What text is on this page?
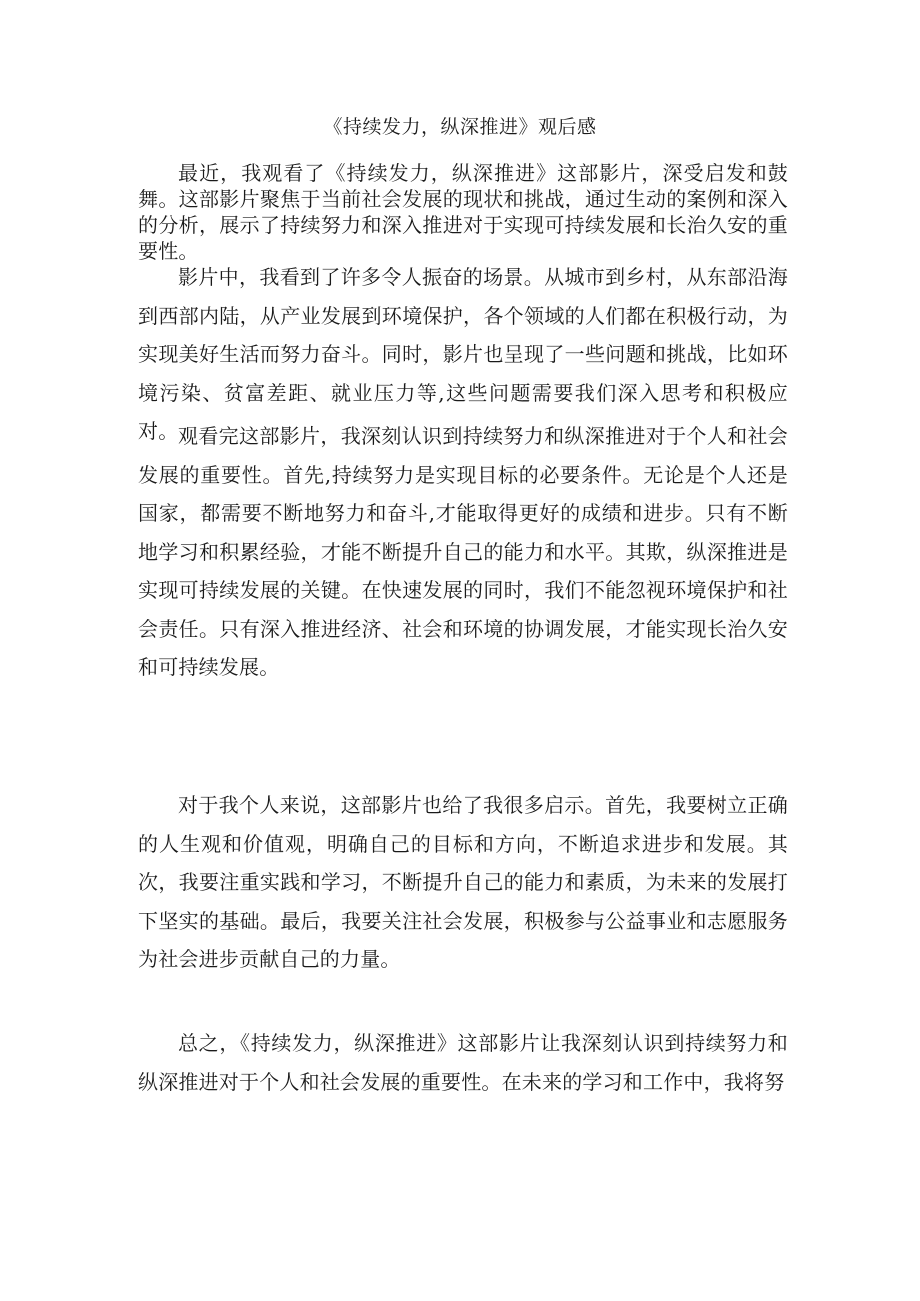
《持续发力，纵深推进》观后感

最近，我观看了《持续发力，纵深推进》这部影片，深受启发和鼓舞。这部影片聚焦于当前社会发展的现状和挑战，通过生动的案例和深入的分析，展示了持续努力和深入推进对于实现可持续发展和长治久安的重要性。

影片中，我看到了许多令人振奋的场景。从城市到乡村，从东部沿海到西部内陆，从产业发展到环境保护，各个领域的人们都在积极行动，为实现美好生活而努力奋斗。同时，影片也呈现了一些问题和挑战，比如环境污染、贫富差距、就业压力等,这些问题需要我们深入思考和积极应对。 观看完这部影片，我深刻认识到持续努力和纵深推进对于个人和社会发展的重要性。首先,持续努力是实现目标的必要条件。无论是个人还是国家，都需要不断地努力和奋斗,才能取得更好的成绩和进步。只有不断地学习和积累经验，才能不断提升自己的能力和水平。其欺，纵深推进是实现可持续发展的关键。在快速发展的同时，我们不能忽视环境保护和社会责任。只有深入推进经济、社会和环境的协调发展，才能实现长治久安和可持续发展。

对于我个人来说，这部影片也给了我很多启示。首先，我要树立正确的人生观和价值观，明确自己的目标和方向，不断追求进步和发展。其次，我要注重实践和学习，不断提升自己的能力和素质，为未来的发展打下坚实的基础。最后，我要关注社会发展，积极参与公益事业和志愿服务为社会进步贡献自己的力量。

总之，《持续发力，纵深推进》这部影片让我深刻认识到持续努力和纵深推进对于个人和社会发展的重要性。在未来的学习和工作中，我将努
